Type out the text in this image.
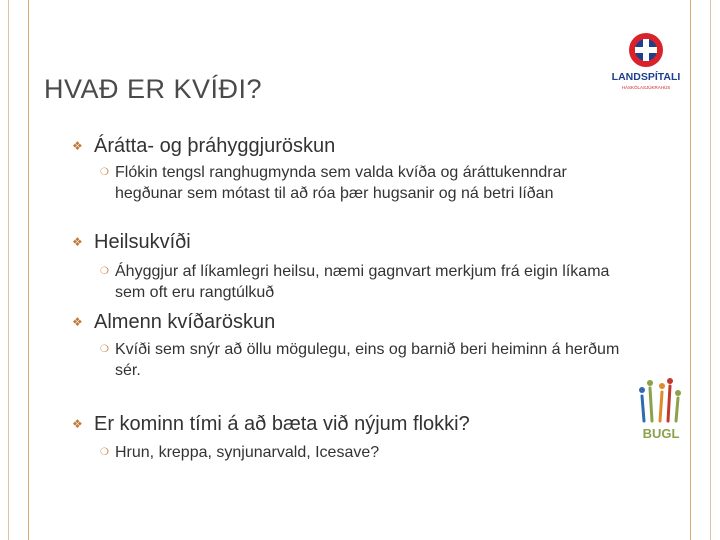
HVAÐ ER KVÍÐI?	LANDSPÍTALI
HÁSKÓLASJÚKRAHÚS
❖ Árátta- og þráhyggjuröskun
❍ Flókin tengsl ranghugmynda sem valda kvíða og áráttukenndrar hegðunar sem mótast til að róa þær hugsanir og ná betri líðan
❖ Heilsukvíði
❍ Áhyggjur af líkamlegri heilsu, næmi gagnvart merkjum frá eigin líkama sem oft eru rangtúlkuð
❖ Almenn kvíðaröskun
❍ Kvíði sem snýr að öllu mögulegu, eins og barnið beri heiminn á herðum sér.
❖ Er kominn tími á að bæta við nýjum flokki?
❍ Hrun, kreppa, synjunarvald, Icesave?
BUGL
